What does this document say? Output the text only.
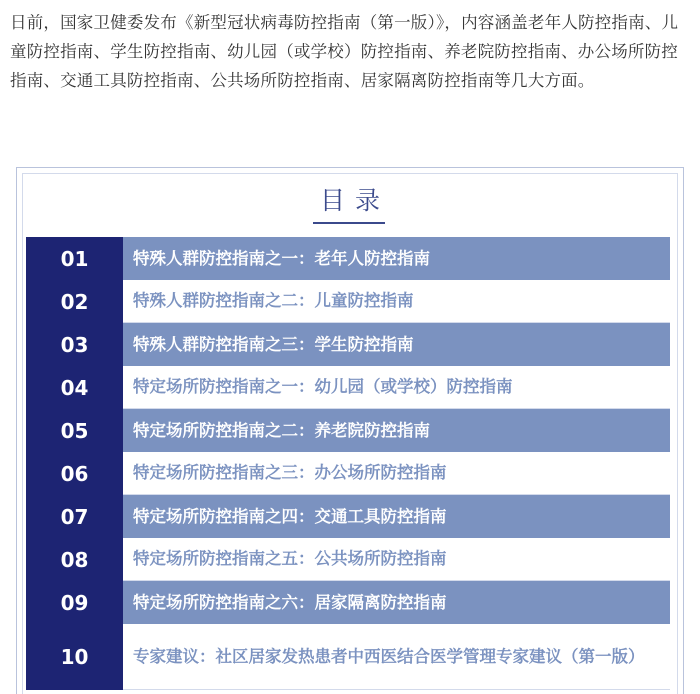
日前，国家卫健委发布《新型冠状病毒防控指南（第一版）》，内容涵盖老年人防控指南、儿童防控指南、学生防控指南、幼儿园（或学校）防控指南、养老院防控指南、办公场所防控指南、交通工具防控指南、公共场所防控指南、居家隔离防控指南等几大方面。

目录
01	特殊人群防控指南之一：老年人防控指南
02	特殊人群防控指南之二：儿童防控指南
03	特殊人群防控指南之三：学生防控指南
04	特定场所防控指南之一：幼儿园（或学校）防控指南
05	特定场所防控指南之二：养老院防控指南
06	特定场所防控指南之三：办公场所防控指南
07	特定场所防控指南之四：交通工具防控指南
08	特定场所防控指南之五：公共场所防控指南
09	特定场所防控指南之六：居家隔离防控指南
10	专家建议：社区居家发热患者中西医结合医学管理专家建议（第一版）
